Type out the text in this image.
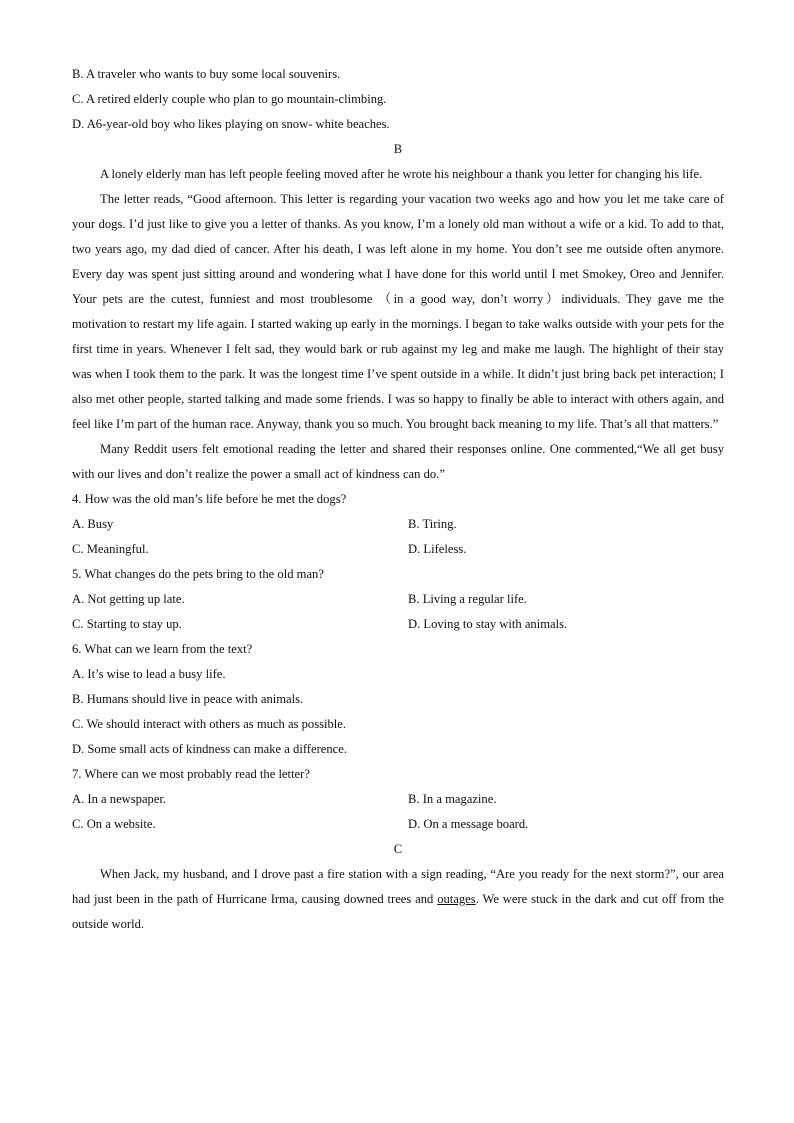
B. A traveler who wants to buy some local souvenirs.
C. A retired elderly couple who plan to go mountain-climbing.
D. A6-year-old boy who likes playing on snow- white beaches.
B

A lonely elderly man has left people feeling moved after he wrote his neighbour a thank you letter for changing his life.

The letter reads, “Good afternoon. This letter is regarding your vacation two weeks ago and how you let me take care of your dogs. I’d just like to give you a letter of thanks. As you know, I’m a lonely old man without a wife or a kid. To add to that, two years ago, my dad died of cancer. After his death, I was left alone in my home. You don’t see me outside often anymore. Every day was spent just sitting around and wondering what I have done for this world until I met Smokey, Oreo and Jennifer. Your pets are the cutest, funniest and most troublesome （in a good way, don’t worry）individuals. They gave me the motivation to restart my life again. I started waking up early in the mornings. I began to take walks outside with your pets for the first time in years. Whenever I felt sad, they would bark or rub against my leg and make me laugh. The highlight of their stay was when I took them to the park. It was the longest time I’ve spent outside in a while. It didn’t just bring back pet interaction; I also met other people, started talking and made some friends. I was so happy to finally be able to interact with others again, and feel like I’m part of the human race. Anyway, thank you so much. You brought back meaning to my life. That’s all that matters.”

Many Reddit users felt emotional reading the letter and shared their responses online. One commented,“We all get busy with our lives and don’t realize the power a small act of kindness can do.”

4. How was the old man’s life before he met the dogs?
A. Busy	B. Tiring.
C. Meaningful.	D. Lifeless.
5. What changes do the pets bring to the old man?
A. Not getting up late.	B. Living a regular life.
C. Starting to stay up.	D. Loving to stay with animals.
6. What can we learn from the text?
A. It’s wise to lead a busy life.
B. Humans should live in peace with animals.
C. We should interact with others as much as possible.
D. Some small acts of kindness can make a difference.
7. Where can we most probably read the letter?
A. In a newspaper.	B. In a magazine.
C. On a website.	D. On a message board.
C

When Jack, my husband, and I drove past a fire station with a sign reading, “Are you ready for the next storm?”, our area had just been in the path of Hurricane Irma, causing downed trees and outages. We were stuck in the dark and cut off from the outside world.
